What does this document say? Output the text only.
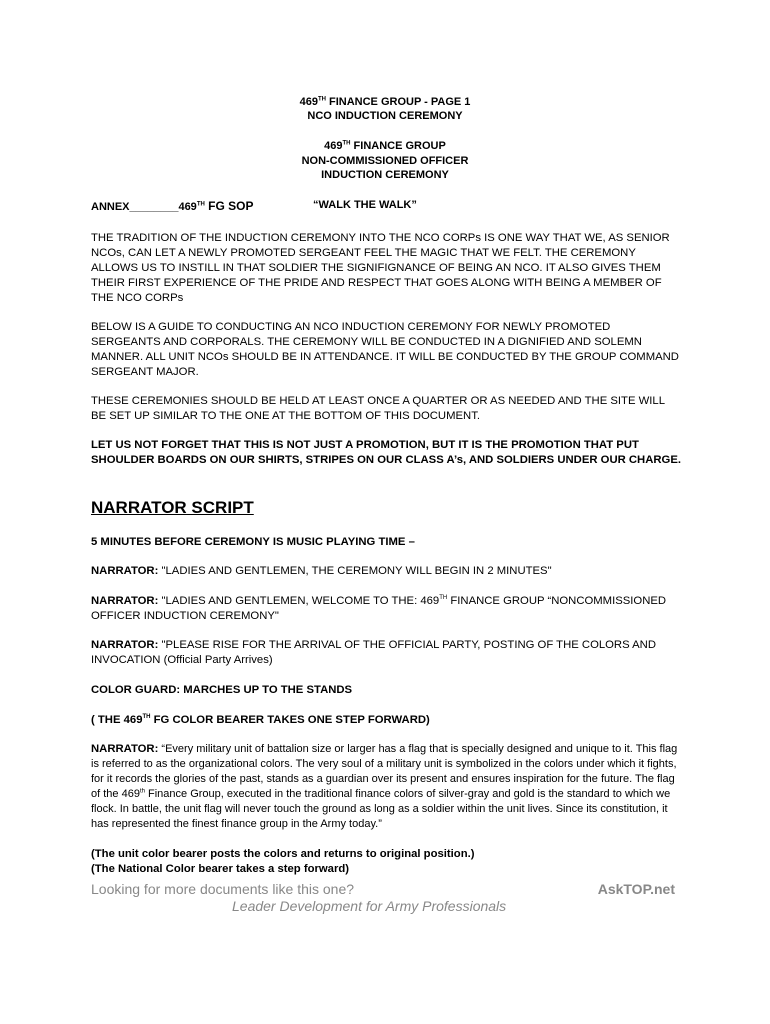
469TH FINANCE GROUP - PAGE 1
NCO INDUCTION CEREMONY
469TH FINANCE GROUP
NON-COMMISSIONED OFFICER
INDUCTION CEREMONY
ANNEX________469TH FG SOP	“WALK THE WALK”
THE TRADITION OF THE INDUCTION CEREMONY INTO THE NCO CORPs IS ONE WAY THAT WE, AS SENIOR NCOs, CAN LET A NEWLY PROMOTED SERGEANT FEEL THE MAGIC THAT WE FELT. THE CEREMONY ALLOWS US TO INSTILL IN THAT SOLDIER THE SIGNIFIGNANCE OF BEING AN NCO. IT ALSO GIVES THEM THEIR FIRST EXPERIENCE OF THE PRIDE AND RESPECT THAT GOES ALONG WITH BEING A MEMBER OF THE NCO CORPs
BELOW IS A GUIDE TO CONDUCTING AN NCO INDUCTION CEREMONY FOR NEWLY PROMOTED SERGEANTS AND CORPORALS. THE CEREMONY WILL BE CONDUCTED IN A DIGNIFIED AND SOLEMN MANNER. ALL UNIT NCOs SHOULD BE IN ATTENDANCE. IT WILL BE CONDUCTED BY THE GROUP COMMAND SERGEANT MAJOR.
THESE CEREMONIES SHOULD BE HELD AT LEAST ONCE A QUARTER OR AS NEEDED AND THE SITE WILL BE SET UP SIMILAR TO THE ONE AT THE BOTTOM OF THIS DOCUMENT.
LET US NOT FORGET THAT THIS IS NOT JUST A PROMOTION, BUT IT IS THE PROMOTION THAT PUT SHOULDER BOARDS ON OUR SHIRTS, STRIPES ON OUR CLASS A’s, AND SOLDIERS UNDER OUR CHARGE.
NARRATOR SCRIPT
5 MINUTES BEFORE CEREMONY IS MUSIC PLAYING TIME –
NARRATOR: "LADIES AND GENTLEMEN, THE CEREMONY WILL BEGIN IN 2 MINUTES"
NARRATOR: "LADIES AND GENTLEMEN, WELCOME TO THE: 469TH FINANCE GROUP “NONCOMMISSIONED OFFICER INDUCTION CEREMONY"
NARRATOR: "PLEASE RISE FOR THE ARRIVAL OF THE OFFICIAL PARTY, POSTING OF THE COLORS AND INVOCATION (Official Party Arrives)
COLOR GUARD: MARCHES UP TO THE STANDS
( THE 469TH FG COLOR BEARER TAKES ONE STEP FORWARD)
NARRATOR: “Every military unit of battalion size or larger has a flag that is specially designed and unique to it. This flag is referred to as the organizational colors. The very soul of a military unit is symbolized in the colors under which it fights, for it records the glories of the past, stands as a guardian over its present and ensures inspiration for the future. The flag of the 469th Finance Group, executed in the traditional finance colors of silver-gray and gold is the standard to which we flock. In battle, the unit flag will never touch the ground as long as a soldier within the unit lives. Since its constitution, it has represented the finest finance group in the Army today.”
(The unit color bearer posts the colors and returns to original position.)
(The National Color bearer takes a step forward)
Looking for more documents like this one?	AskTOP.net
Leader Development for Army Professionals
